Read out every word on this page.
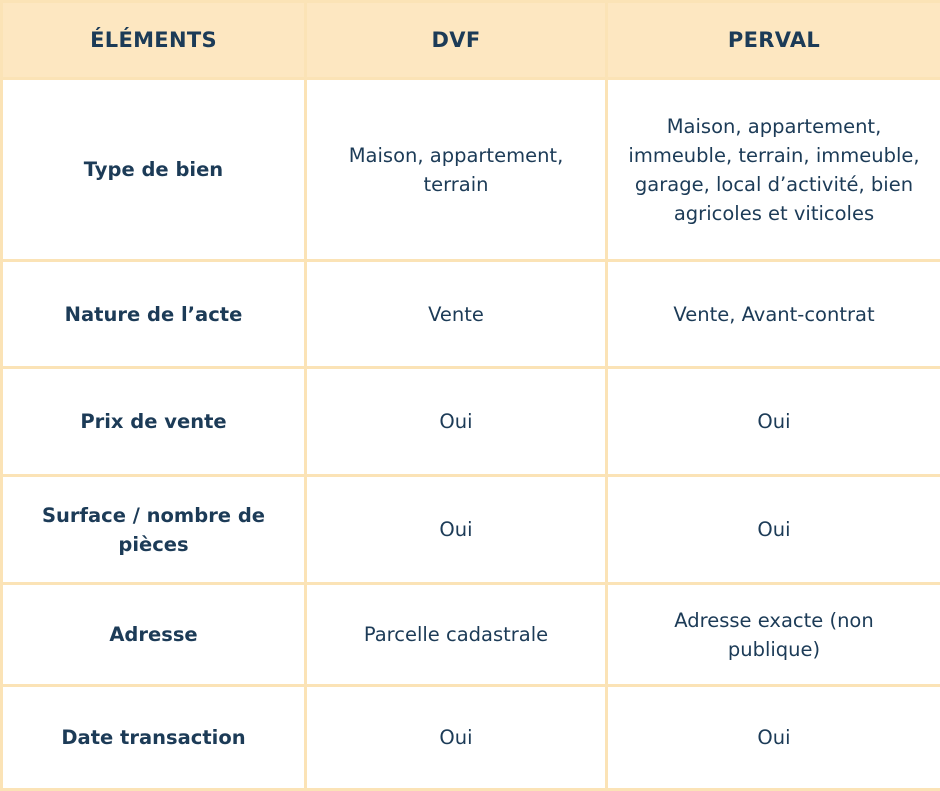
ÉLÉMENTS	DVF	PERVAL
Type de bien	Maison, appartement, terrain	Maison, appartement, immeuble, terrain, immeuble, garage, local d’activité, bien agricoles et viticoles
Nature de l’acte	Vente	Vente, Avant-contrat
Prix de vente	Oui	Oui
Surface / nombre de pièces	Oui	Oui
Adresse	Parcelle cadastrale	Adresse exacte (non publique)
Date transaction	Oui	Oui
